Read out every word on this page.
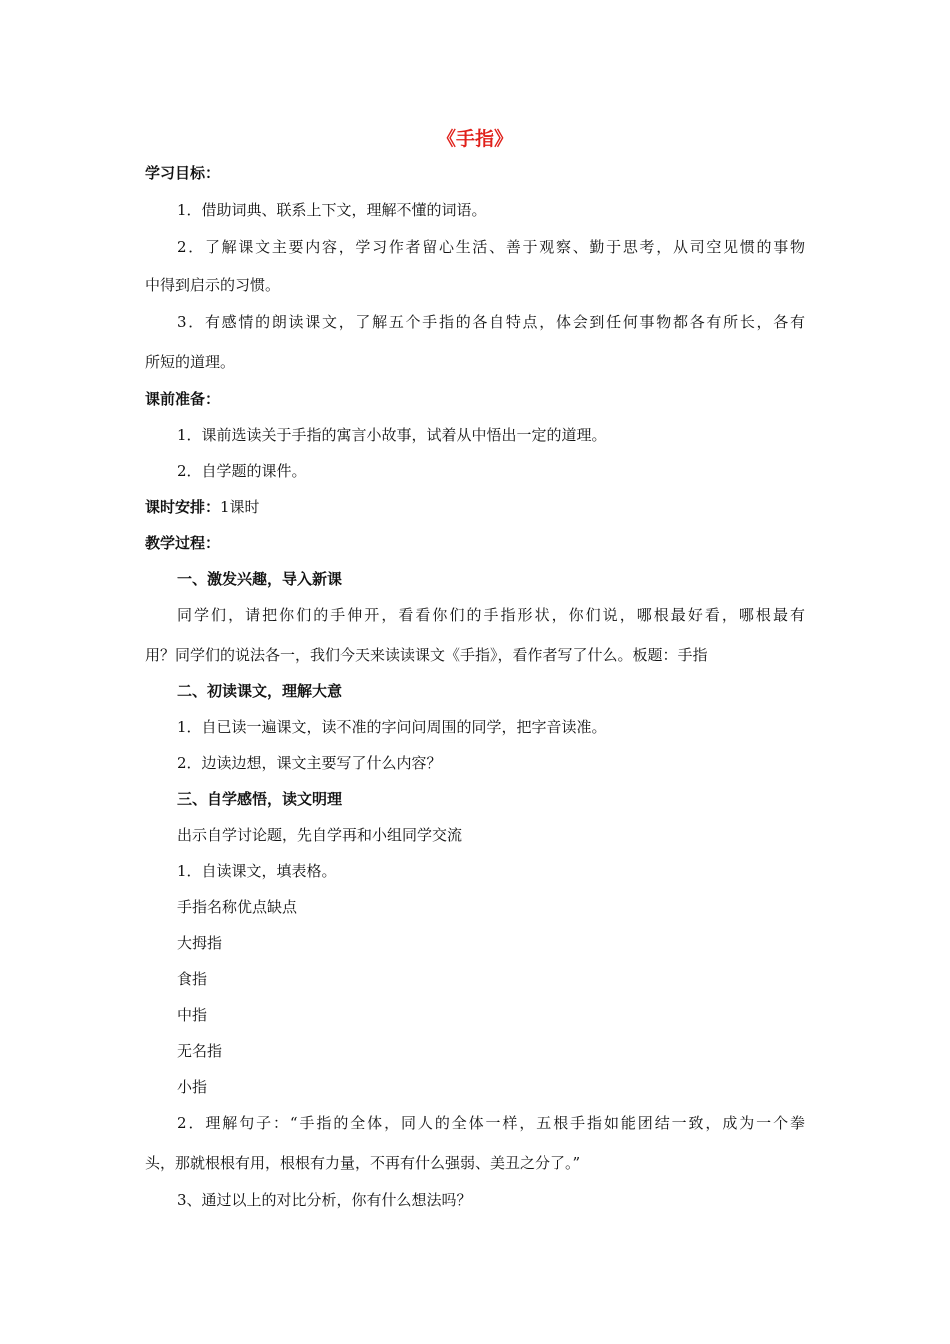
《手指》
学习目标：
1．借助词典、联系上下文，理解不懂的词语。
2．了解课文主要内容，学习作者留心生活、善于观察、勤于思考，从司空见惯的事物
中得到启示的习惯。
3．有感情的朗读课文，了解五个手指的各自特点，体会到任何事物都各有所长，各有
所短的道理。
课前准备：
1．课前选读关于手指的寓言小故事，试着从中悟出一定的道理。
2．自学题的课件。
课时安排：1课时
教学过程：
一、激发兴趣，导入新课
同学们，请把你们的手伸开，看看你们的手指形状，你们说，哪根最好看，哪根最有
用？同学们的说法各一，我们今天来读读课文《手指》，看作者写了什么。板题：手指
二、初读课文，理解大意
1．自已读一遍课文，读不准的字问问周围的同学，把字音读准。
2．边读边想，课文主要写了什么内容？
三、自学感悟，读文明理
出示自学讨论题，先自学再和小组同学交流
1．自读课文，填表格。
手指名称优点缺点
大拇指
食指
中指
无名指
小指
2．理解句子：“手指的全体，同人的全体一样，五根手指如能团结一致，成为一个拳
头，那就根根有用，根根有力量，不再有什么强弱、美丑之分了。”
3、通过以上的对比分析，你有什么想法吗？
